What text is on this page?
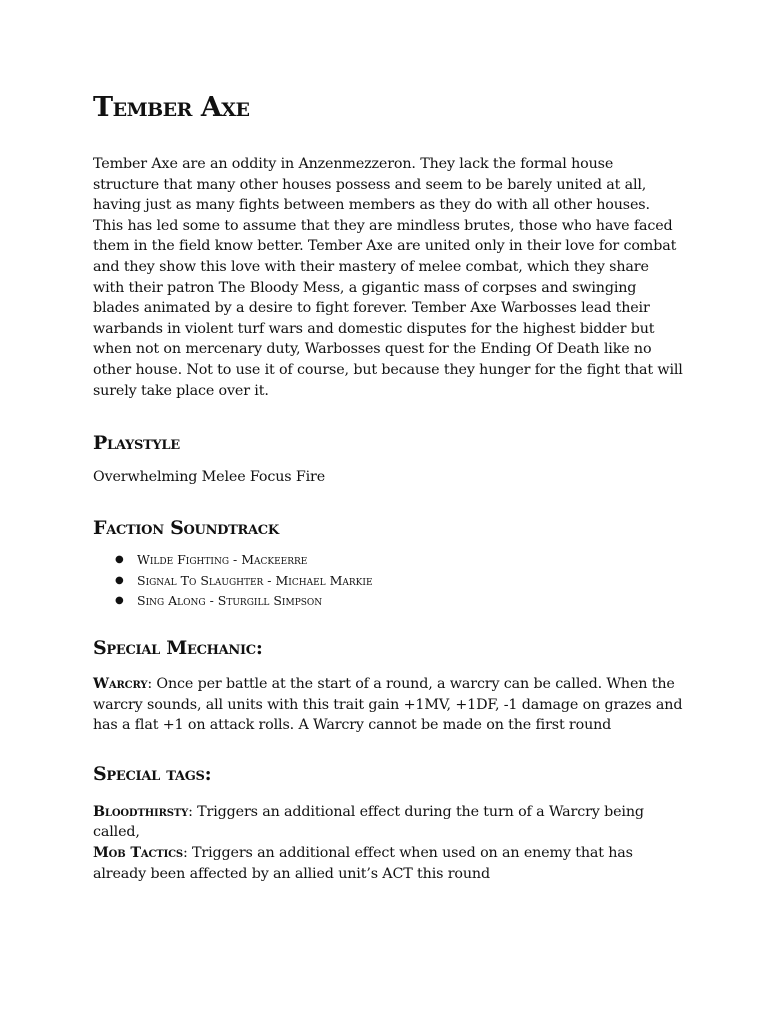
Tember Axe

Tember Axe are an oddity in Anzenmezzeron. They lack the formal house structure that many other houses possess and seem to be barely united at all, having just as many fights between members as they do with all other houses. This has led some to assume that they are mindless brutes, those who have faced them in the field know better. Tember Axe are united only in their love for combat and they show this love with their mastery of melee combat, which they share with their patron The Bloody Mess, a gigantic mass of corpses and swinging blades animated by a desire to fight forever. Tember Axe Warbosses lead their warbands in violent turf wars and domestic disputes for the highest bidder but when not on mercenary duty, Warbosses quest for the Ending Of Death like no other house. Not to use it of course, but because they hunger for the fight that will surely take place over it.

Playstyle

Overwhelming Melee Focus Fire

Faction Soundtrack
● Wilde Fighting - Mackeerre
● Signal To Slaughter - Michael Markie
● Sing Along - Sturgill Simpson
Special Mechanic:

Warcry: Once per battle at the start of a round, a warcry can be called. When the warcry sounds, all units with this trait gain +1MV, +1DF, -1 damage on grazes and has a flat +1 on attack rolls. A Warcry cannot be made on the first round

Special tags:

Bloodthirsty: Triggers an additional effect during the turn of a Warcry being called,

Mob Tactics: Triggers an additional effect when used on an enemy that has already been affected by an allied unit’s ACT this round
